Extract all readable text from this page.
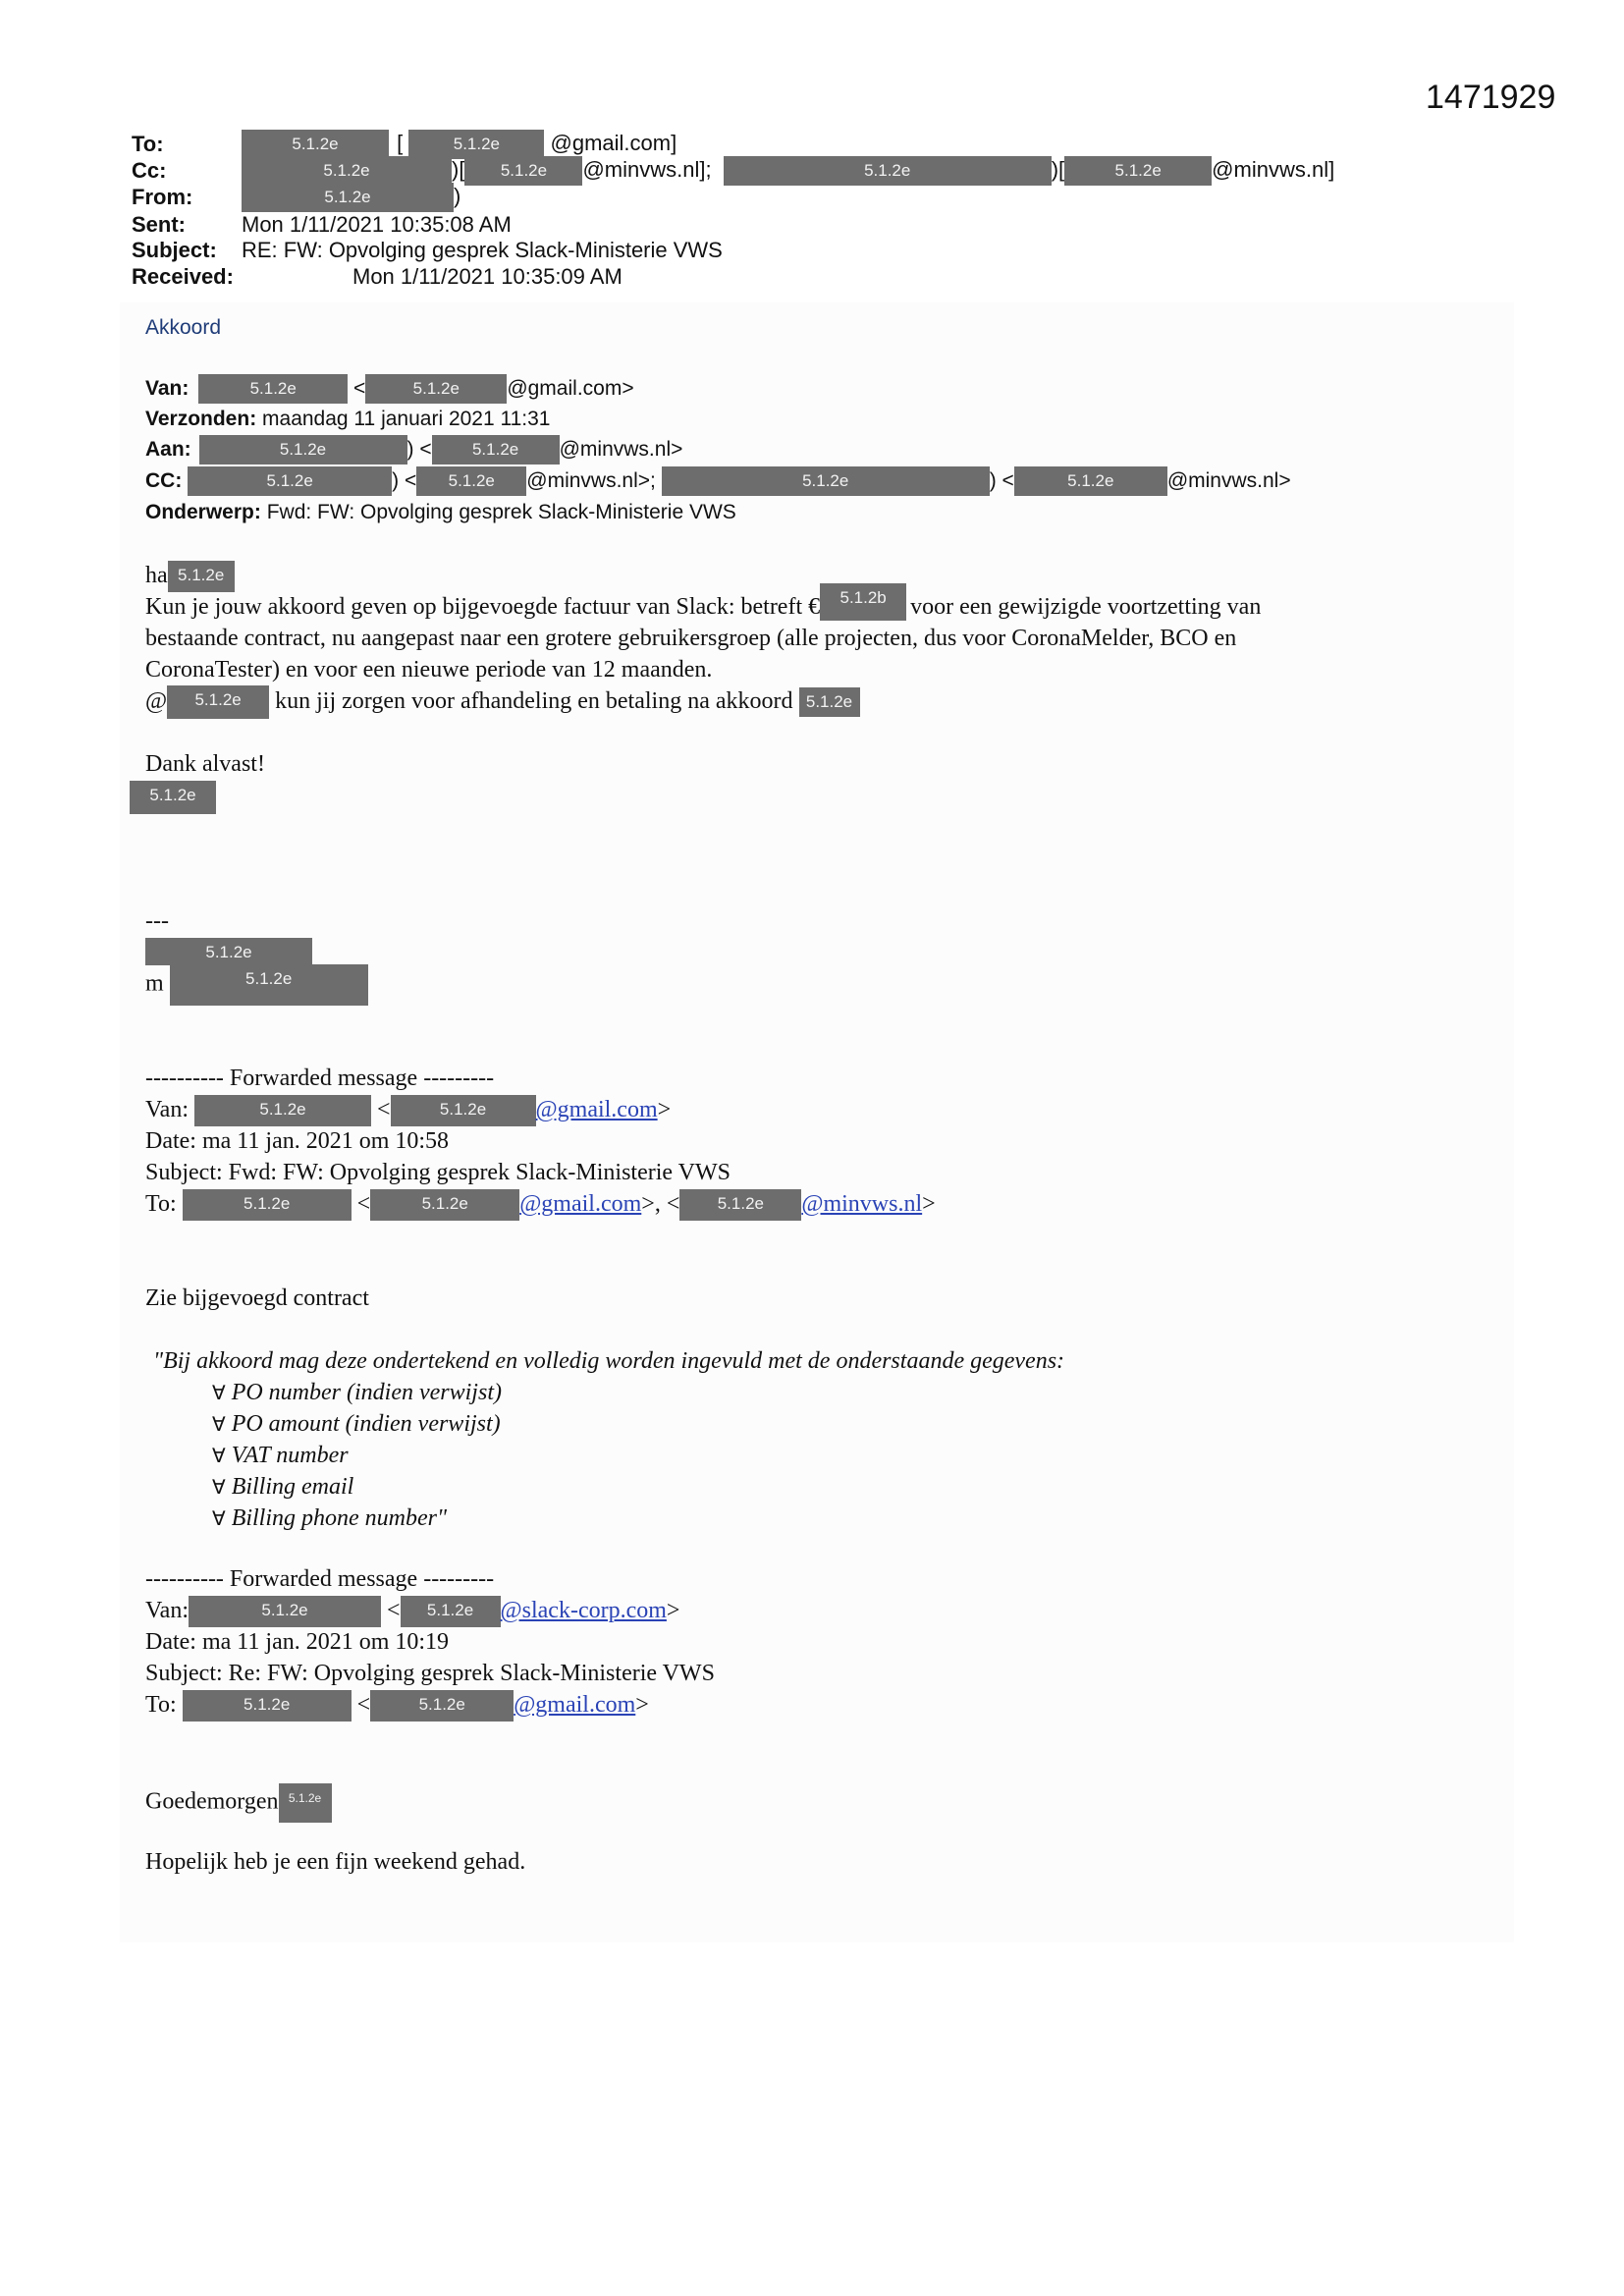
1471929
To:	5.1.2e	[	5.1.2e @gmail.com]
Cc:	5.1.2e	)[ 5.1.2e @minvws.nl];	5.1.2e	)[	5.1.2e @minvws.nl]
From:	5.1.2e	)
Sent:	Mon 1/11/2021 10:35:08 AM
Subject: RE: FW: Opvolging gesprek Slack-Ministerie VWS
Received:	Mon 1/11/2021 10:35:09 AM
Akkoord
Van:	5.1.2e	<	5.1.2e @gmail.com>
Verzonden: maandag 11 januari 2021 11:31
Aan:	5.1.2e	) < 5.1.2e @minvws.nl>
CC:	5.1.2e	) < 5.1.2e @minvws.nl>;	5.1.2e	) <	5.1.2e	@minvws.nl>
Onderwerp: Fwd: FW: Opvolging gesprek Slack-Ministerie VWS
ha 5.1.2e
Kun je jouw akkoord geven op bijgevoegde factuur van Slack: betreft € 5.1.2b voor een gewijzigde voortzetting van
bestaande contract, nu aangepast naar een grotere gebruikersgroep (alle projecten, dus voor CoronaMelder, BCO en
CoronaTester) en voor een nieuwe periode van 12 maanden.
@ 5.1.2e kun jij zorgen voor afhandeling en betaling na akkoord 5.1.2e
Dank alvast!
5.1.2e
---
5.1.2e
m	5.1.2e
---------- Forwarded message ---------
Van:	5.1.2e	<	5.1.2e @gmail.com>
Date: ma 11 jan. 2021 om 10:58
Subject: Fwd: FW: Opvolging gesprek Slack-Ministerie VWS
To:	5.1.2e	<	5.1.2e @gmail.com>, < 5.1.2e @minvws.nl>
Zie bijgevoegd contract
"Bij akkoord mag deze ondertekend en volledig worden ingevuld met de onderstaande gegevens:
∀ PO number (indien verwijst)
∀ PO amount (indien verwijst)
∀ VAT number
∀ Billing email
∀ Billing phone number"
---------- Forwarded message ---------
Van:	5.1.2e	< 5.1.2e @slack-corp.com>
Date: ma 11 jan. 2021 om 10:19
Subject: Re: FW: Opvolging gesprek Slack-Ministerie VWS
To:	5.1.2e	<	5.1.2e @gmail.com>
Goedemorgen 5.1.2e
Hopelijk heb je een fijn weekend gehad.
